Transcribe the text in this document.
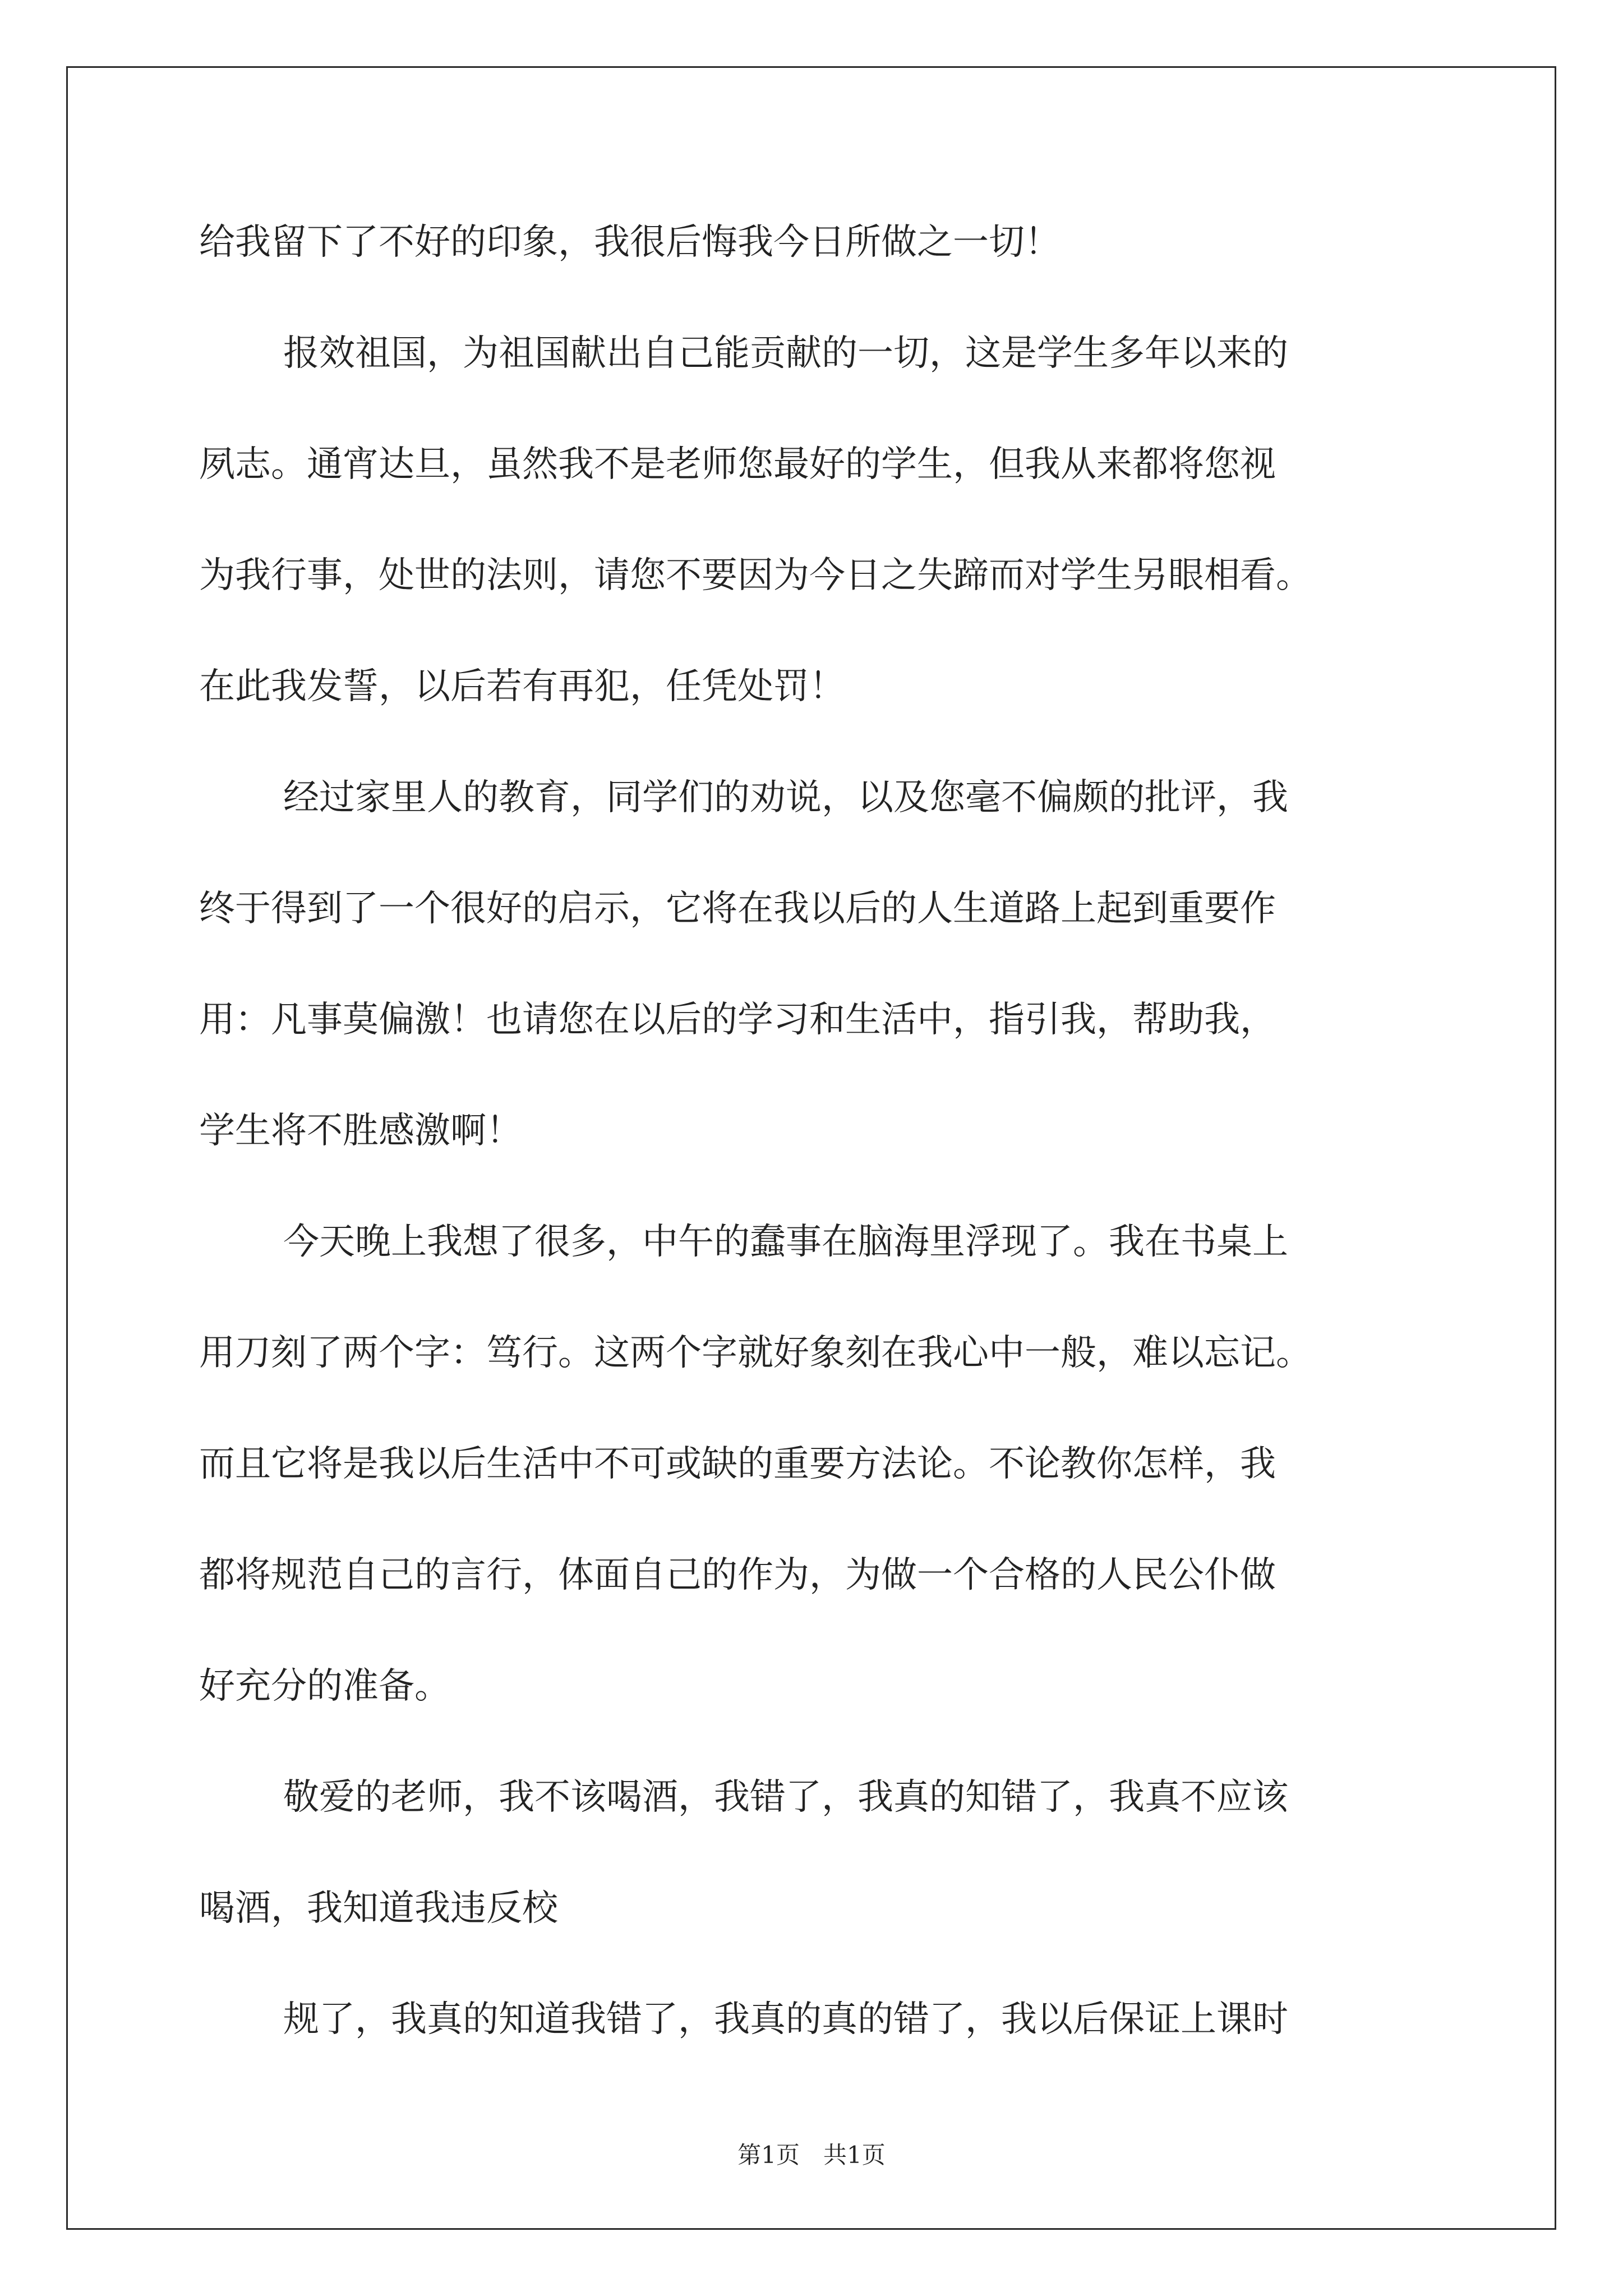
给我留下了不好的印象，我很后悔我今日所做之一切！
报效祖国，为祖国献出自己能贡献的一切，这是学生多年以来的
夙志。通宵达旦，虽然我不是老师您最好的学生，但我从来都将您视
为我行事，处世的法则，请您不要因为今日之失蹄而对学生另眼相看。
在此我发誓，以后若有再犯，任凭处罚！
经过家里人的教育，同学们的劝说，以及您毫不偏颇的批评，我
终于得到了一个很好的启示，它将在我以后的人生道路上起到重要作
用：凡事莫偏激！也请您在以后的学习和生活中，指引我，帮助我，
学生将不胜感激啊！
今天晚上我想了很多，中午的蠢事在脑海里浮现了。我在书桌上
用刀刻了两个字：笃行。这两个字就好象刻在我心中一般，难以忘记。
而且它将是我以后生活中不可或缺的重要方法论。不论教你怎样，我
都将规范自己的言行，体面自己的作为，为做一个合格的人民公仆做
好充分的准备。
敬爱的老师，我不该喝酒，我错了，我真的知错了，我真不应该
喝酒，我知道我违反校
规了，我真的知道我错了，我真的真的错了，我以后保证上课时
第1页　共1页
